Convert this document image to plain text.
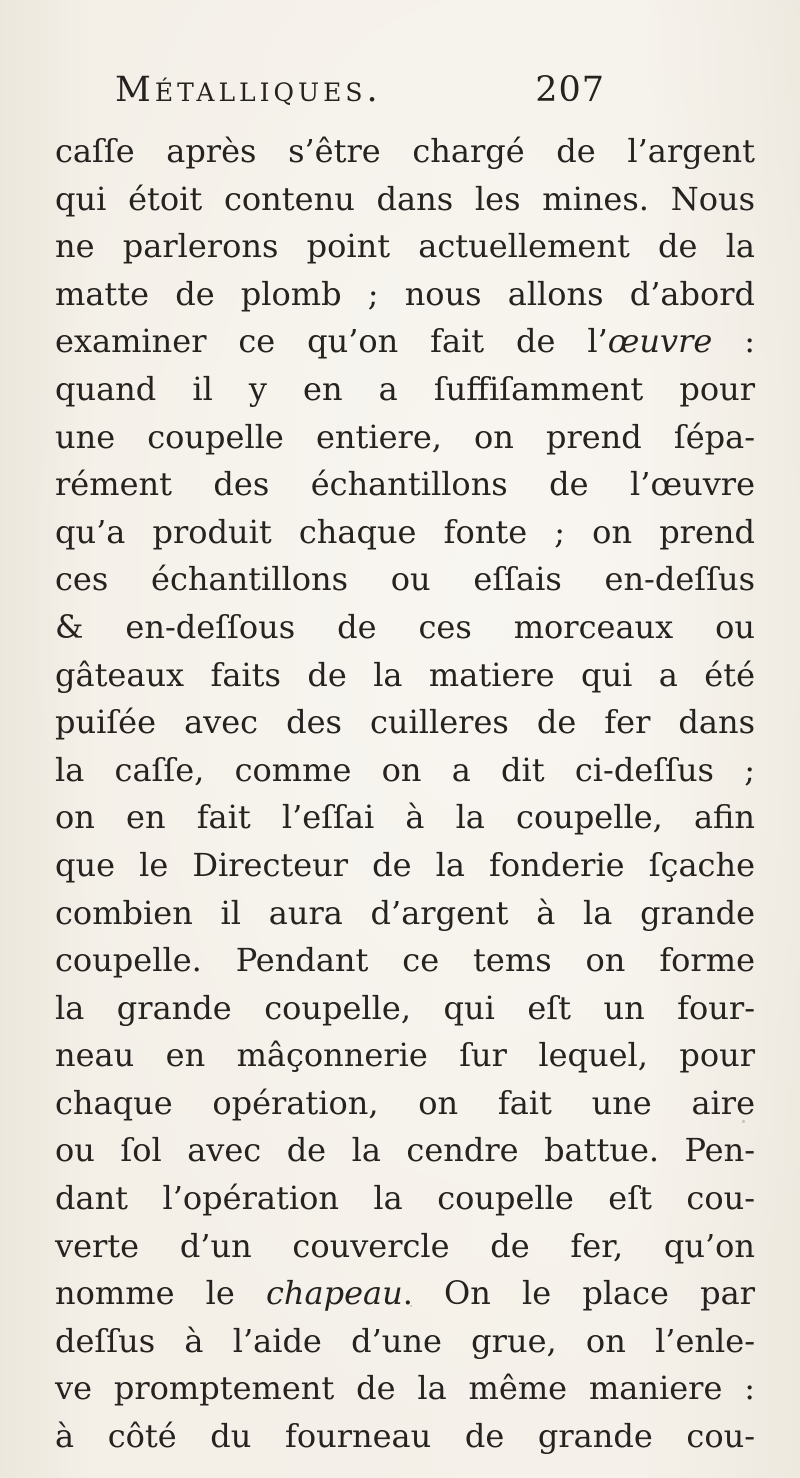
Métalliques.	207
caſſe après s’être chargé de l’argent
qui étoit contenu dans les mines. Nous
ne parlerons point actuellement de la
matte de plomb ; nous allons d’abord
examiner ce qu’on fait de l’œuvre :
quand il y en a ſuffiſamment pour
une coupelle entiere, on prend ſépa-
rément des échantillons de l’œuvre
qu’a produit chaque fonte ; on prend
ces échantillons ou eſſais en-deſſus
& en-deſſous de ces morceaux ou
gâteaux faits de la matiere qui a été
puiſée avec des cuilleres de fer dans
la caſſe, comme on a dit ci-deſſus ;
on en fait l’eſſai à la coupelle, afin
que le Directeur de la fonderie ſçache
combien il aura d’argent à la grande
coupelle. Pendant ce tems on forme
la grande coupelle, qui eſt un four-
neau en mâçonnerie ſur lequel, pour
chaque opération, on fait une aire
ou ſol avec de la cendre battue. Pen-
dant l’opération la coupelle eſt cou-
verte d’un couvercle de fer, qu’on
nomme le chapeau. On le place par
deſſus à l’aide d’une grue, on l’enle-
ve promptement de la même maniere :
à côté du fourneau de grande cou-
